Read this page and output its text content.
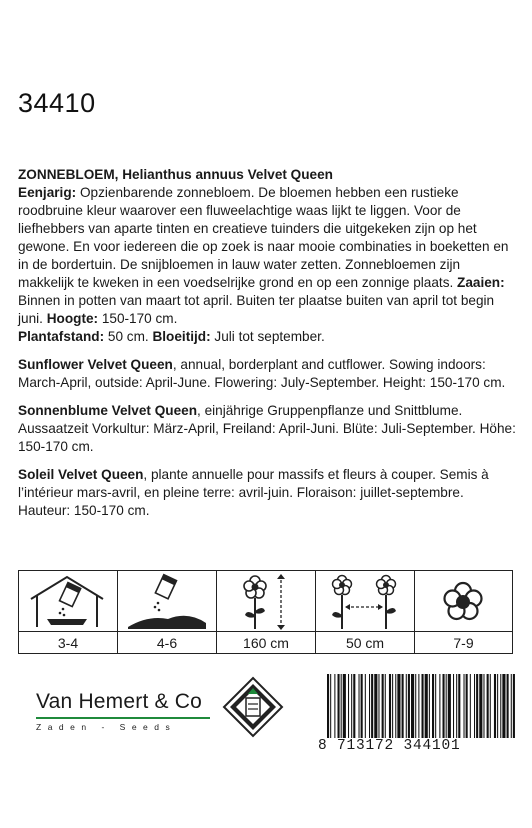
34410

ZONNEBLOEM, Helianthus annuus Velvet Queen
Eenjarig: Opzienbarende zonnebloem. De bloemen hebben een rustieke roodbruine kleur waarover een fluweelachtige waas lijkt te liggen. Voor de liefhebbers van aparte tinten en creatieve tuinders die uitgekeken zijn op het gewone. En voor iedereen die op zoek is naar mooie combinaties in boeketten en in de bordertuin. De snijbloemen in lauw water zetten. Zonnebloemen zijn makkelijk te kweken in een voedselrijke grond en op een zonnige plaats. Zaaien: Binnen in potten van maart tot april. Buiten ter plaatse buiten van april tot begin juni. Hoogte: 150-170 cm.
Plantafstand: 50 cm. Bloeitijd: Juli tot september.

Sunflower Velvet Queen, annual, borderplant and cutflower. Sowing indoors: March-April, outside: April-June. Flowering: July-September. Height: 150-170 cm.

Sonnenblume Velvet Queen, einjährige Gruppenpflanze und Snittblume. Aussaatzeit Vorkultur: März-April, Freiland: April-Juni. Blüte: Juli-September. Höhe: 150-170 cm.

Soleil Velvet Queen, plante annuelle pour massifs et fleurs à couper. Semis à l’intérieur mars-avril, en pleine terre: avril-juin. Floraison: juillet-septembre. Hauteur: 150-170 cm.

3-4	4-6	160 cm	50 cm	7-9
Van Hemert & Co
Zaden - Seeds
8 713172 344101
